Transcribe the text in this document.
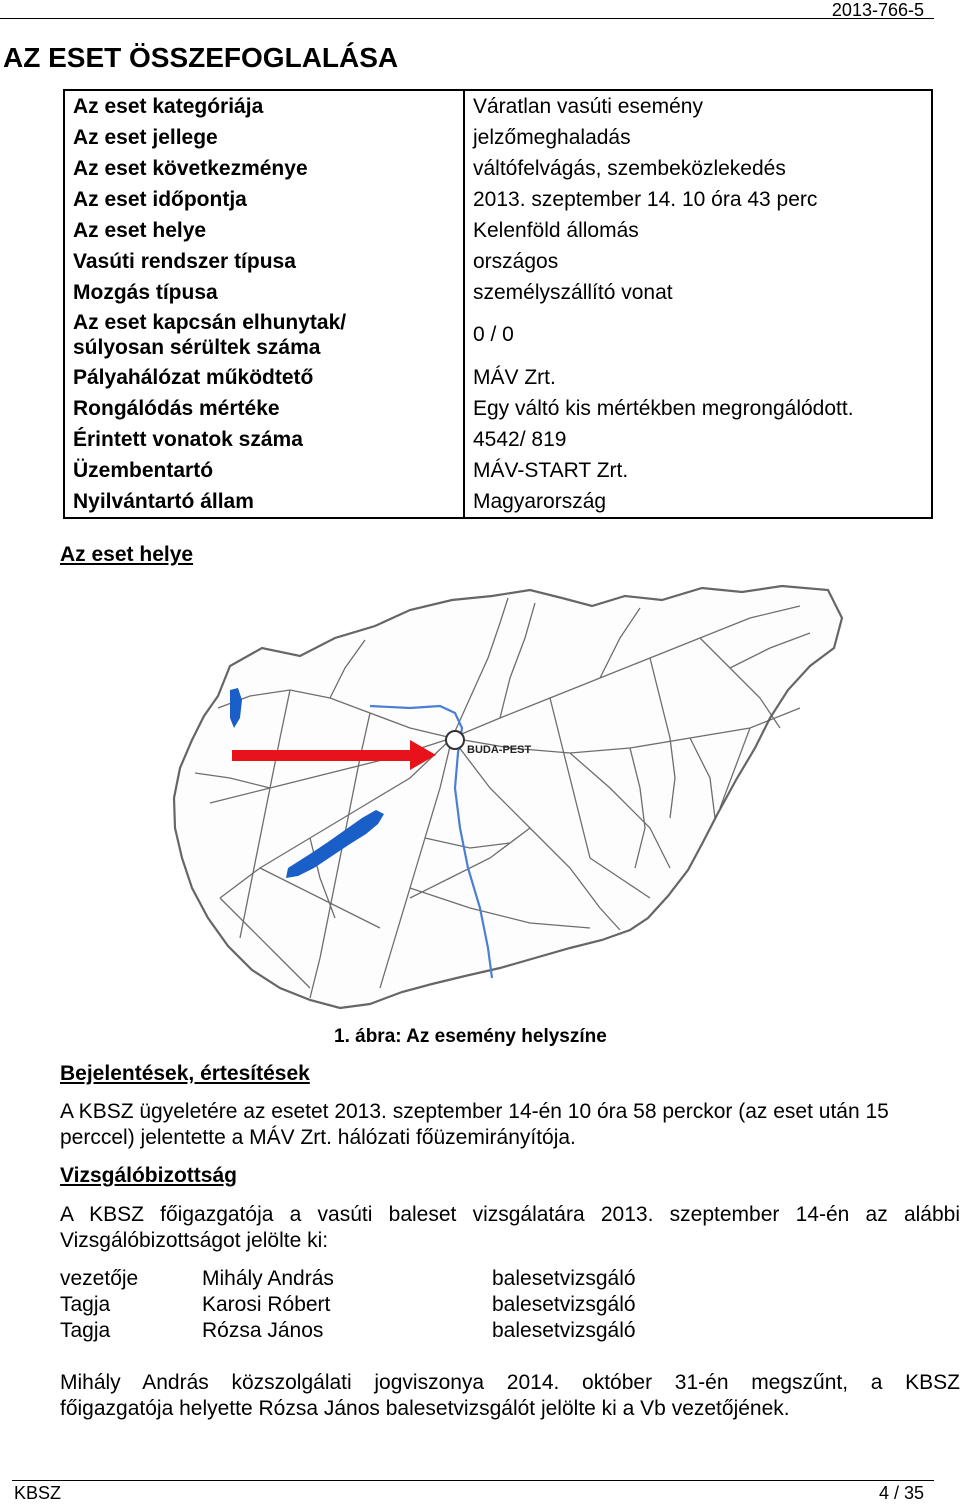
2013-766-5
AZ ESET ÖSSZEFOGLALÁSA
Az eset kategóriája	Váratlan vasúti esemény
Az eset jellege	jelzőmeghaladás
Az eset következménye	váltófelvágás, szembeközlekedés
Az eset időpontja	2013. szeptember 14. 10 óra 43 perc
Az eset helye	Kelenföld állomás
Vasúti rendszer típusa	országos
Mozgás típusa	személyszállító vonat
Az eset kapcsán elhunytak/
súlyosan sérültek száma	0 / 0
Pályahálózat működtető	MÁV Zrt.
Rongálódás mértéke	Egy váltó kis mértékben megrongálódott.
Érintett vonatok száma	4542/ 819
Üzembentartó	MÁV-START Zrt.
Nyilvántartó állam	Magyarország
Az eset helye
BUDA-PEST
1. ábra: Az esemény helyszíne
Bejelentések, értesítések

A KBSZ ügyeletére az esetet 2013. szeptember 14-én 10 óra 58 perckor (az eset után 15
perccel) jelentette a MÁV Zrt. hálózati főüzemirányítója.

Vizsgálóbizottság

A KBSZ főigazgatója a vasúti baleset vizsgálatára 2013. szeptember 14-én az alábbi
Vizsgálóbizottságot jelölte ki:

vezetője	Mihály András	balesetvizsgáló
Tagja	Karosi Róbert	balesetvizsgáló
Tagja	Rózsa János	balesetvizsgáló

Mihály András közszolgálati jogviszonya 2014. október 31-én megszűnt, a KBSZ
főigazgatója helyette Rózsa János balesetvizsgálót jelölte ki a Vb vezetőjének.

KBSZ	4 / 35
